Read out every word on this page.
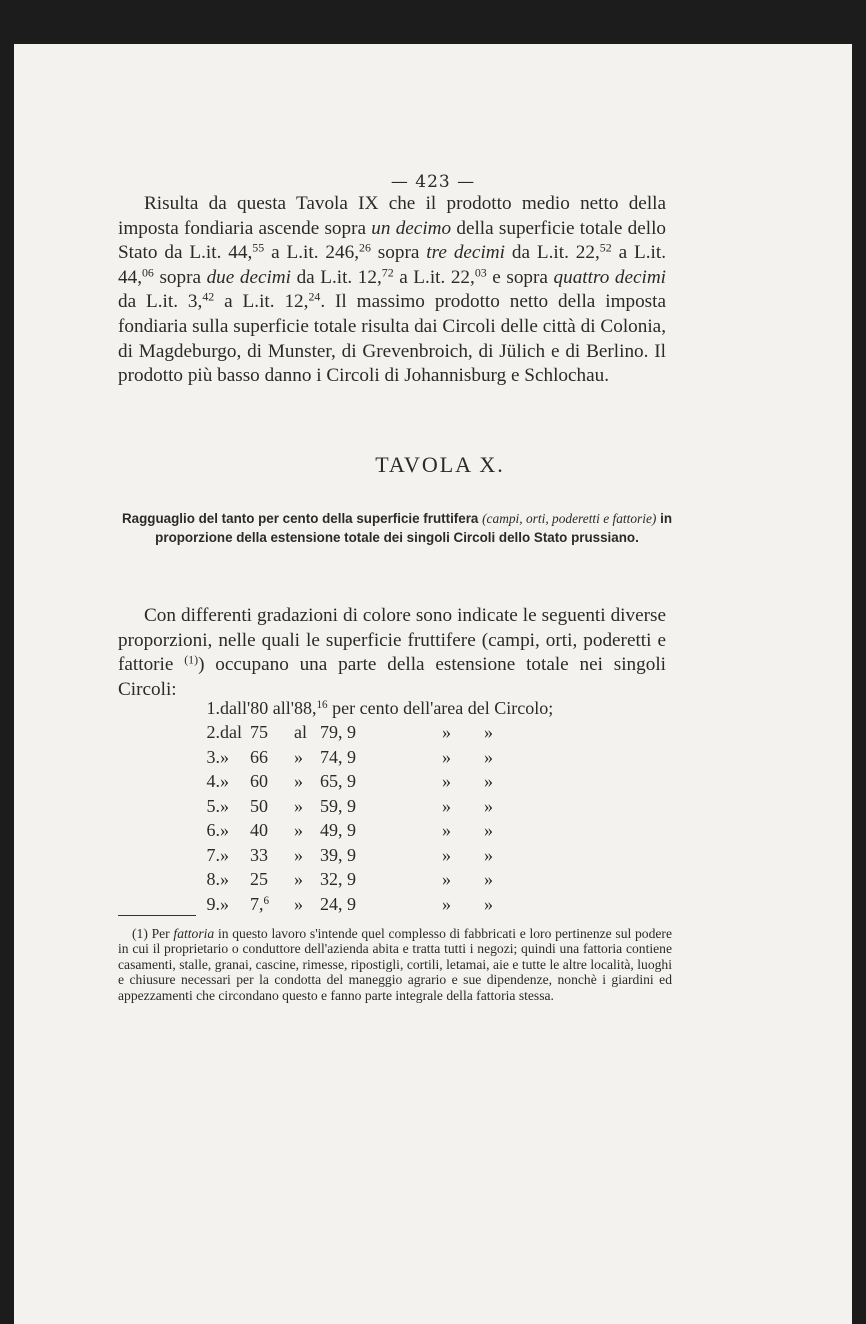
— 423 —
Risulta da questa Tavola IX che il prodotto medio netto della imposta fondiaria ascende sopra un decimo della superficie totale dello Stato da L.it. 44,55 a L.it. 246,26 sopra tre decimi da L.it. 22,52 a L.it. 44,06 sopra due decimi da L.it. 12,72 a L.it. 22,03 e sopra quattro decimi da L.it. 3,42 a L.it. 12,24. Il massimo prodotto netto della imposta fondiaria sulla superficie totale risulta dai Circoli delle città di Colonia, di Magdeburgo, di Munster, di Grevenbroich, di Jülich e di Berlino. Il prodotto più basso danno i Circoli di Johannisburg e Schlochau.
TAVOLA X.

Ragguaglio del tanto per cento della superficie fruttifera (campi, orti, poderetti e fattorie) in proporzione della estensione totale dei singoli Circoli dello Stato prussiano.

Con differenti gradazioni di colore sono indicate le seguenti diverse proporzioni, nelle quali le superficie fruttifere (campi, orti, poderetti e fattorie $^{(1)}$) occupano una parte della estensione totale nei singoli Circoli:
1.	dall'80 all'88,16 per cento dell'area del Circolo;					
2.	dal	75	al	79, 9	»	»
3.	»	66	»	74, 9	»	»
4.	»	60	»	65, 9	»	»
5.	»	50	»	59, 9	»	»
6.	»	40	»	49, 9	»	»
7.	»	33	»	39, 9	»	»
8.	»	25	»	32, 9	»	»
9.	»	7,$^6$	»	24, 9	»	»

(1) Per fattoria in questo lavoro s'intende quel complesso di fabbricati e loro pertinenze sul podere in cui il proprietario o conduttore dell'azienda abita e tratta tutti i negozi; quindi una fattoria contiene casamenti, stalle, granai, cascine, rimesse, ripostigli, cortili, letamai, aie e tutte le altre località, luoghi e chiusure necessari per la condotta del maneggio agrario e sue dipendenze, nonchè i giardini ed appezzamenti che circondano questo e fanno parte integrale della fattoria stessa.
